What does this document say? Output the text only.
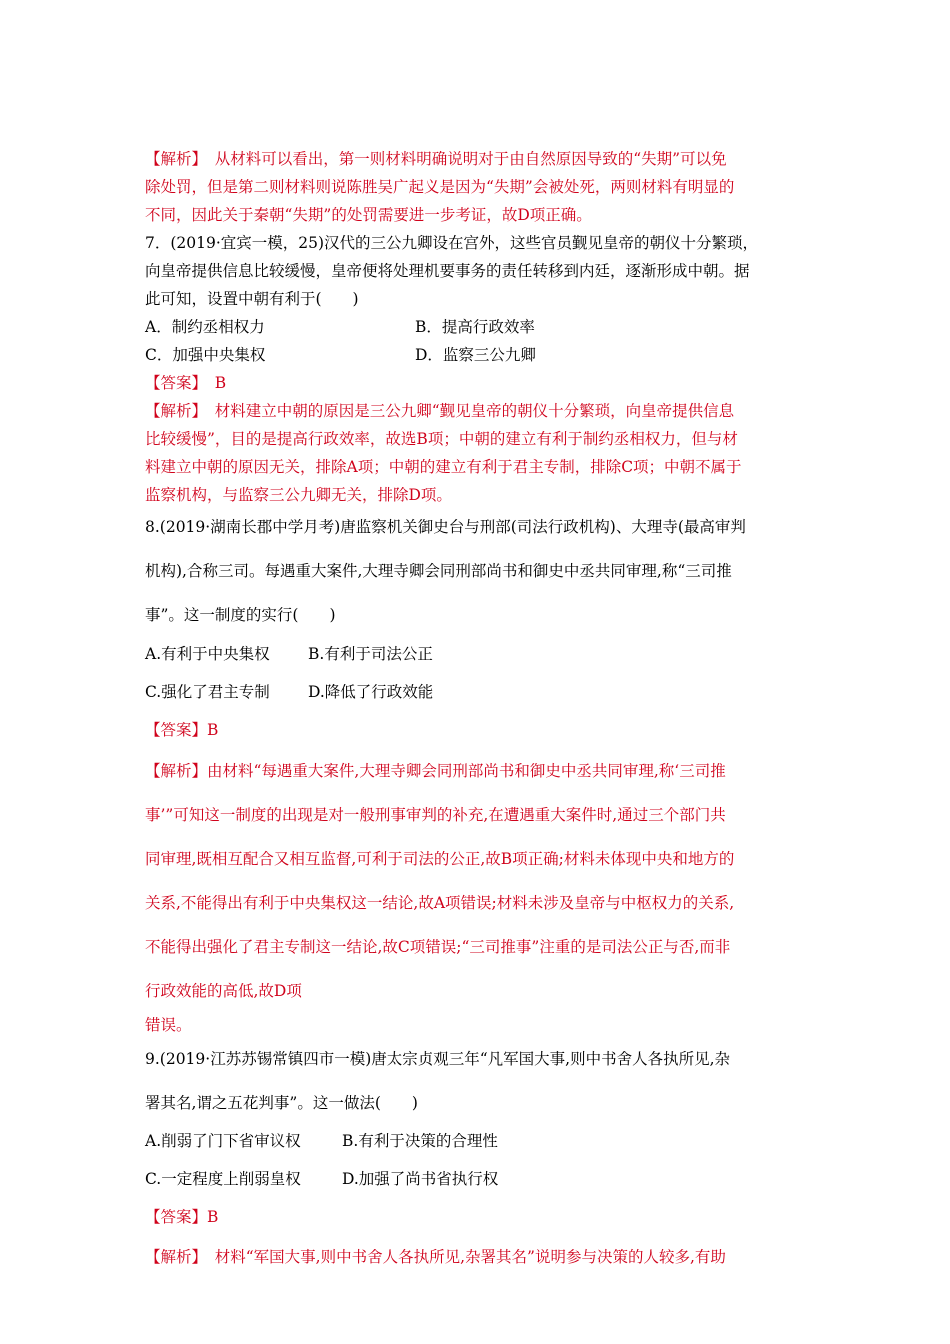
【解析】　从材料可以看出，第一则材料明确说明对于由自然原因导致的“失期”可以免
除处罚，但是第二则材料则说陈胜吴广起义是因为“失期”会被处死，两则材料有明显的
不同，因此关于秦朝“失期”的处罚需要进一步考证，故D项正确。
7．(2019·宜宾一模，25)汉代的三公九卿设在宫外，这些官员觐见皇帝的朝仪十分繁琐，
向皇帝提供信息比较缓慢，皇帝便将处理机要事务的责任转移到内廷，逐渐形成中朝。据
此可知，设置中朝有利于(　　)
A．制约丞相权力	B．提高行政效率
C．加强中央集权	D．监察三公九卿
【答案】　B
【解析】　材料建立中朝的原因是三公九卿“觐见皇帝的朝仪十分繁琐，向皇帝提供信息
比较缓慢”，目的是提高行政效率，故选B项；中朝的建立有利于制约丞相权力，但与材
料建立中朝的原因无关，排除A项；中朝的建立有利于君主专制，排除C项；中朝不属于
监察机构，与监察三公九卿无关，排除D项。
8.(2019·湖南长郡中学月考)唐监察机关御史台与刑部(司法行政机构)、大理寺(最高审判
机构),合称三司。每遇重大案件,大理寺卿会同刑部尚书和御史中丞共同审理,称“三司推
事”。这一制度的实行(　　)
A.有利于中央集权 B.有利于司法公正
C.强化了君主专制 D.降低了行政效能
【答案】B
【解析】由材料“每遇重大案件,大理寺卿会同刑部尚书和御史中丞共同审理,称‘三司推
事’”可知这一制度的出现是对一般刑事审判的补充,在遭遇重大案件时,通过三个部门共
同审理,既相互配合又相互监督,可利于司法的公正,故B项正确;材料未体现中央和地方的
关系,不能得出有利于中央集权这一结论,故A项错误;材料未涉及皇帝与中枢权力的关系,
不能得出强化了君主专制这一结论,故C项错误;“三司推事”注重的是司法公正与否,而非
行政效能的高低,故D项
错误。
9.(2019·江苏苏锡常镇四市一模)唐太宗贞观三年“凡军国大事,则中书舍人各执所见,杂
署其名,谓之五花判事”。这一做法(　　)
A.削弱了门下省审议权	B.有利于决策的合理性
C.一定程度上削弱皇权	D.加强了尚书省执行权
【答案】B
【解析】　材料“军国大事,则中书舍人各执所见,杂署其名”说明参与决策的人较多,有助
